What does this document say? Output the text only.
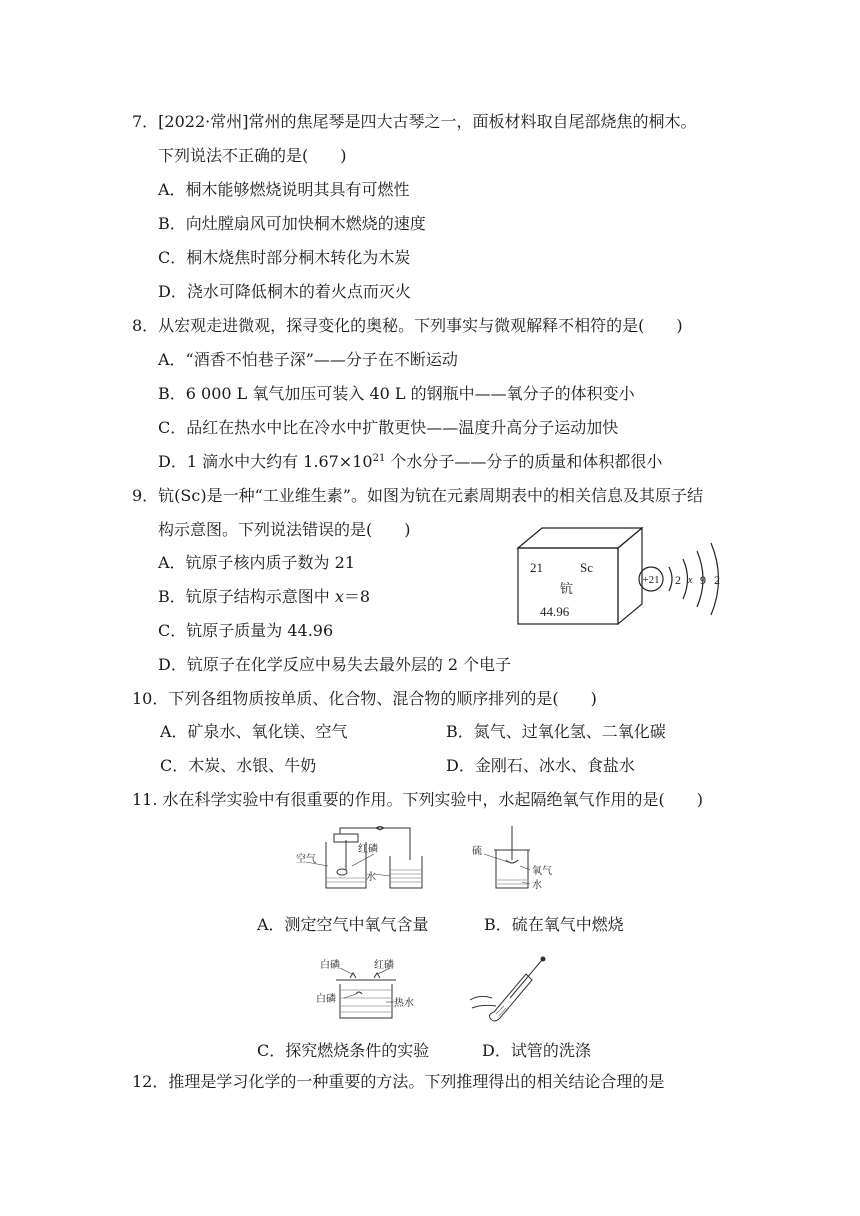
7．[2022·常州]常州的焦尾琴是四大古琴之一，面板材料取自尾部烧焦的桐木。
下列说法不正确的是(　　)
A．桐木能够燃烧说明其具有可燃性
B．向灶膛扇风可加快桐木燃烧的速度
C．桐木烧焦时部分桐木转化为木炭
D．浇水可降低桐木的着火点而灭火
8．从宏观走进微观，探寻变化的奥秘。下列事实与微观解释不相符的是(　　)
A．“酒香不怕巷子深”——分子在不断运动
B．6 000 L 氧气加压可装入 40 L 的钢瓶中——氧分子的体积变小
C．品红在热水中比在冷水中扩散更快——温度升高分子运动加快
D．1 滴水中大约有 $1.67\times 10^{21}$ 个水分子——分子的质量和体积都很小
9．钪(Sc)是一种“工业维生素”。如图为钪在元素周期表中的相关信息及其原子结
构示意图。下列说法错误的是(　　)
A．钪原子核内质子数为 21
B．钪原子结构示意图中 x＝8
C．钪原子质量为 44.96
D．钪原子在化学反应中易失去最外层的 2 个电子
21	Sc
钪
44.96
+21 2 x 9 2
10．下列各组物质按单质、化合物、混合物的顺序排列的是(　　)
A．矿泉水、氧化镁、空气	B．氮气、过氧化氢、二氧化碳
C．木炭、水银、牛奶	D．金刚石、冰水、食盐水
11. 水在科学实验中有很重要的作用。下列实验中，水起隔绝氧气作用的是(　　)
空气
红磷
水
硫
氧气
水
A．测定空气中氧气含量	B．硫在氧气中燃烧
白磷	红磷
白磷	热水
C．探究燃烧条件的实验	D．试管的洗涤
12．推理是学习化学的一种重要的方法。下列推理得出的相关结论合理的是
